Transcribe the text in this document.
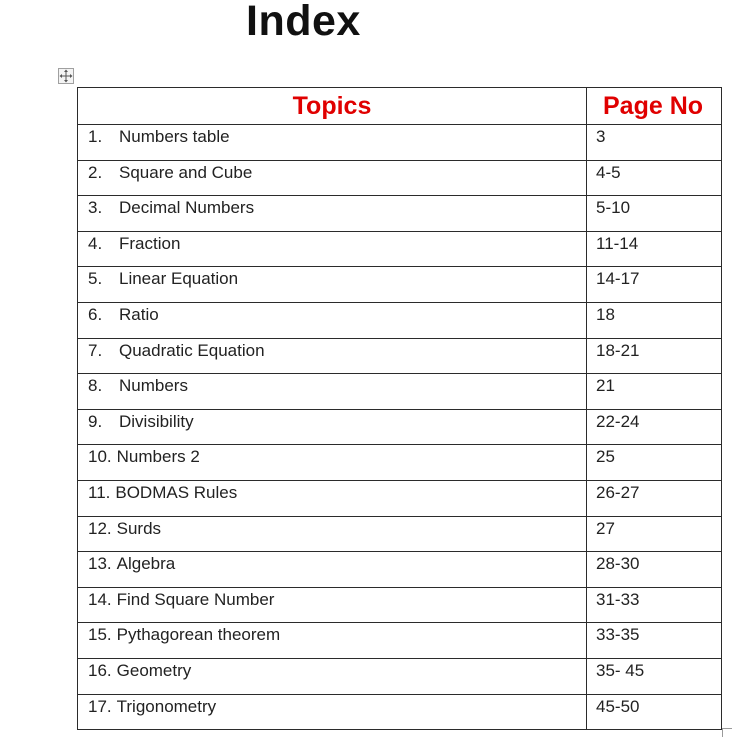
Index
Topics	Page No
1. Numbers table	3
2. Square and Cube	4-5
3. Decimal Numbers	5-10
4. Fraction	11-14
5. Linear Equation	14-17
6. Ratio	18
7. Quadratic Equation	18-21
8. Numbers	21
9. Divisibility	22-24
10. Numbers 2	25
11. BODMAS Rules	26-27
12. Surds	27
13. Algebra	28-30
14. Find Square Number	31-33
15. Pythagorean theorem	33-35
16. Geometry	35- 45
17. Trigonometry	45-50
